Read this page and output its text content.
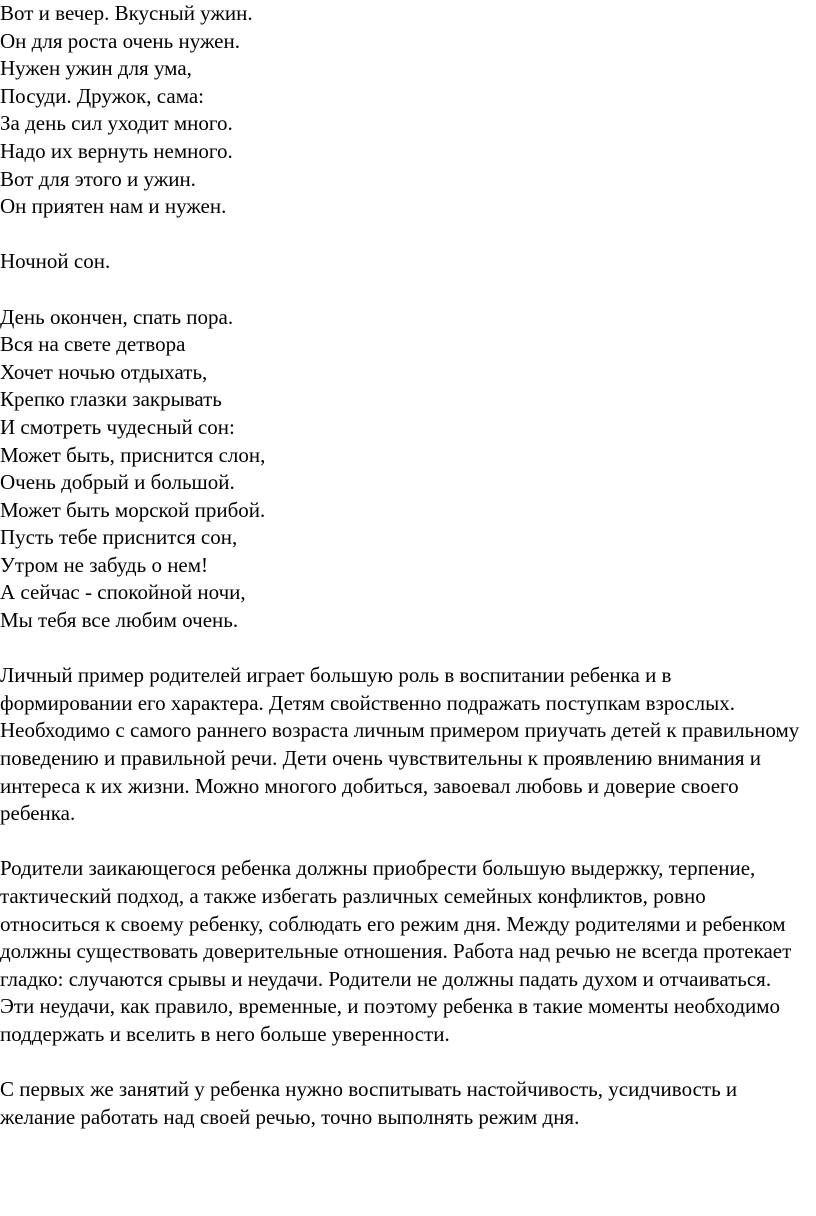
Вот и вечер. Вкусный ужин.
Он для роста очень нужен.
Нужен ужин для ума,
Посуди. Дружок, сама:
За день сил уходит много.
Надо их вернуть немного.
Вот для этого и ужин.
Он приятен нам и нужен.
Ночной сон.
День окончен, спать пора.
Вся на свете детвора
Хочет ночью отдыхать,
Крепко глазки закрывать
И смотреть чудесный сон:
Может быть, приснится слон,
Очень добрый и большой.
Может быть морской прибой.
Пусть тебе приснится сон,
Утром не забудь о нем!
А сейчас - спокойной ночи,
Мы тебя все любим очень.

Личный пример родителей играет большую роль в воспитании ребенка и в формировании его характера. Детям свойственно подражать поступкам взрослых. Необходимо с самого раннего возраста личным примером приучать детей к правильному поведению и правильной речи. Дети очень чувствительны к проявлению внимания и интереса к их жизни. Можно многого добиться, завоевал любовь и доверие своего ребенка.

Родители заикающегося ребенка должны приобрести большую выдержку, терпение, тактический подход, а также избегать различных семейных конфликтов, ровно относиться к своему ребенку, соблюдать его режим дня. Между родителями и ребенком должны существовать доверительные отношения. Работа над речью не всегда протекает гладко: случаются срывы и неудачи. Родители не должны падать духом и отчаиваться. Эти неудачи, как правило, временные, и поэтому ребенка в такие моменты необходимо поддержать и вселить в него больше уверенности.

С первых же занятий у ребенка нужно воспитывать настойчивость, усидчивость и желание работать над своей речью, точно выполнять режим дня.
